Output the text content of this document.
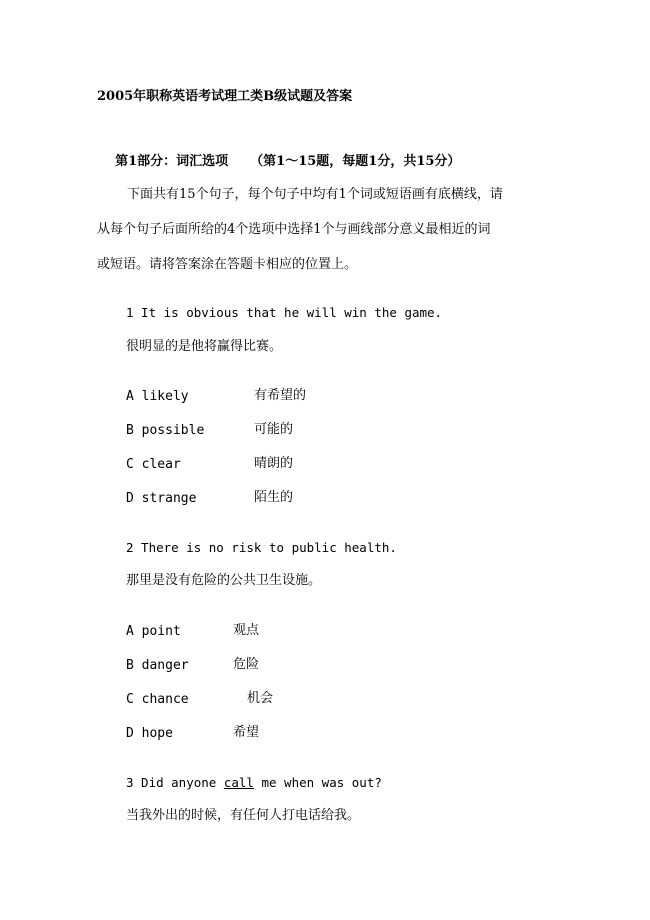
2005年职称英语考试理工类B级试题及答案

第1部分：词汇选项 （第1～15题，每题1分，共15分）

下面共有15个句子，每个句子中均有1个词或短语画有底横线，请
从每个句子后面所给的4个选项中选择1个与画线部分意义最相近的词
或短语。请将答案涂在答题卡相应的位置上。
1 It is obvious that he will win the game.
很明显的是他将赢得比赛。
A likely	有希望的
B possible	可能的
C clear	晴朗的
D strange	陌生的
2 There is no risk to public health.
那里是没有危险的公共卫生设施。
A point	观点
B danger	危险
C chance	机会
D hope	希望
3 Did anyone call me when was out?
当我外出的时候，有任何人打电话给我。
